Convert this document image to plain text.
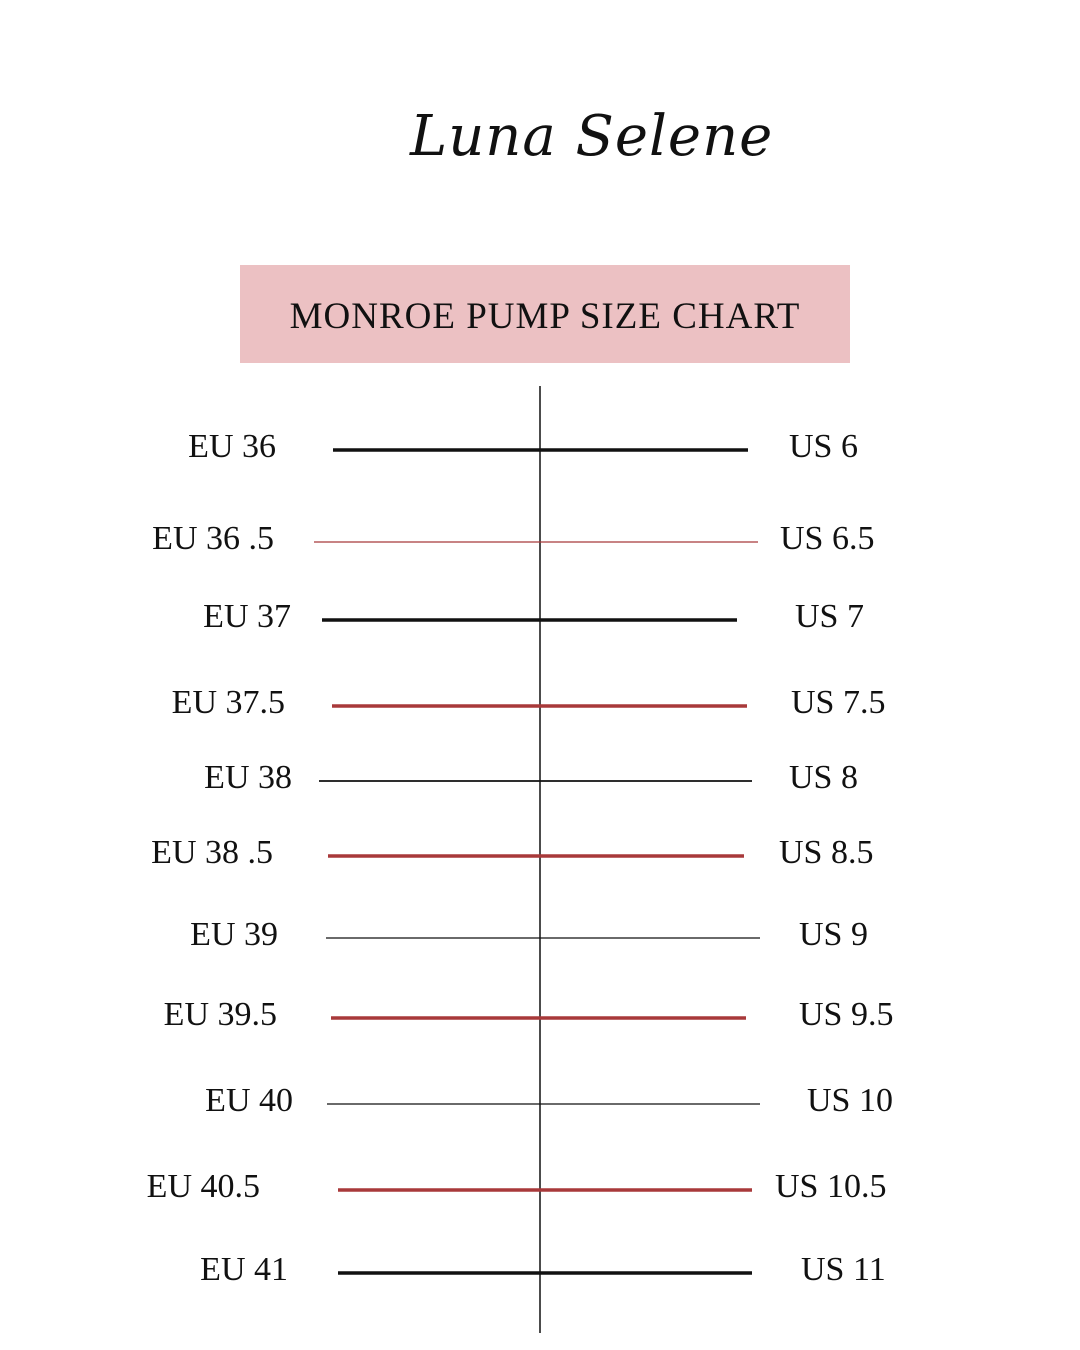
Luna Selene
MONROE PUMP SIZE CHART
EU 36	US 6
EU 36 .5	US 6.5
EU 37	US 7
EU 37.5	US 7.5
EU 38	US 8
EU 38 .5	US 8.5
EU 39	US 9
EU 39.5	US 9.5
EU 40	US 10
EU 40.5	US 10.5
EU 41	US 11
